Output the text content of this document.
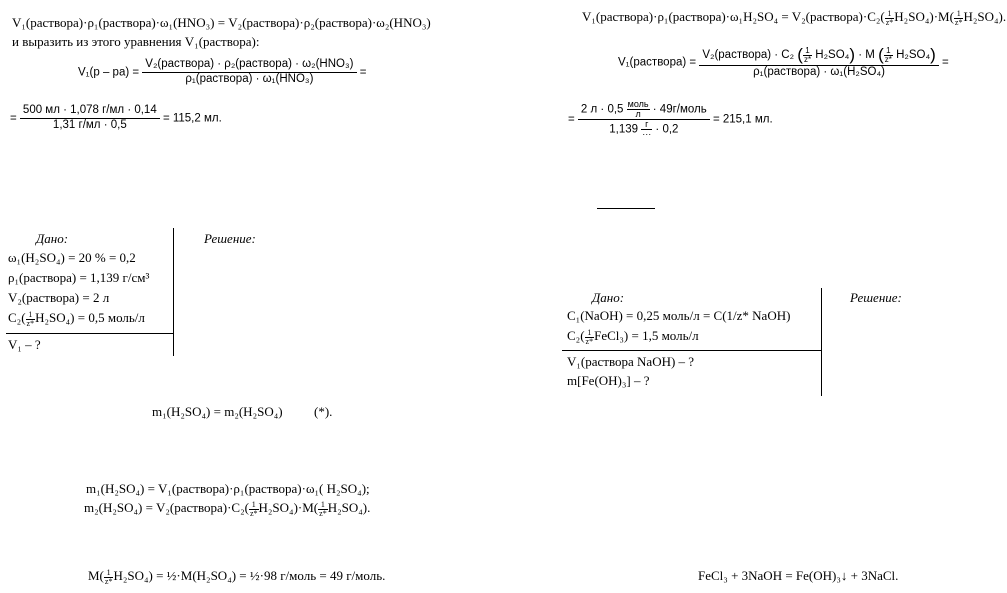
V₁(раствора)·ρ₁(раствора)·ω₁(HNO₃) = V₂(раствора)·ρ₂(раствора)·ω₂(HNO₃)
и выразить из этого уравнения V₁(раствора):
$V_1(р - ра) = \frac{\text{V₂(раствора) · ρ₂(раствора) · ω₂(HNO₃)}}{\text{ρ₁(раствора) · ω₁(HNO₃)}}$ =
= $\frac{500 мл \cdot 1,078 г/мл \cdot 0,14}{1,31 г/мл \cdot 0,5} = 115,2$ мл.
V₁(раствора)·ρ₁(раствора)·ω₁H₂SO₄ = V₂(раствора)·C₂( $\frac{1}{z*} H_2SO_4)\cdot M( \frac{1}{z*} H_2SO_4)$.
V₁(раствора) =
V₂(раствора) · C₂ ( $\frac{1}{z*} H_2SO_4) \cdot M$ ( $\frac{1}{z*} H_2SO_4$)
ρ₁(раствора) · ω₁(H₂SO₄)
=
= 2 л · 0,5 моль
л	· 49г/моль
1,139 г
··· · 0,2 = 215,1 мл.
Дано:	Решение:
ω₁(H₂SO₄) = 20 % = 0,2
ρ₁(раствора) = 1,139 г/см³
V₂(раствора) = 2 л
$C_2( \frac{1}{z*} H_2SO_4) = 0,5$ моль/л
V₁ – ?
Дано:	Решение:
C₁(NaOH) = 0,25 моль/л = C(1/z* NaOH)
$C_2( \frac{1}{z*}$ FeCl₃) = 1,5 моль/л
V₁(раствора NaOH) – ?
m[Fe(OH)₃] – ?
m₁(H₂SO₄) = m₂(H₂SO₄) (*).
m₁(H₂SO₄) = V₁(раствора)·ρ₁(раствора)·ω₁( H₂SO₄);
m₂(H₂SO₄) = V₂(раствора)·C₂( $\frac{1}{z*} H_2SO_4)\cdot M( \frac{1}{z*} H_2SO_4)$.
$M( \frac{1}{z*} H_2SO_4)$ = ½·M(H₂SO₄) = ½·98 г/моль = 49 г/моль.	FeCl₃ + 3NaOH = Fe(OH)₃↓ + 3NaCl.
